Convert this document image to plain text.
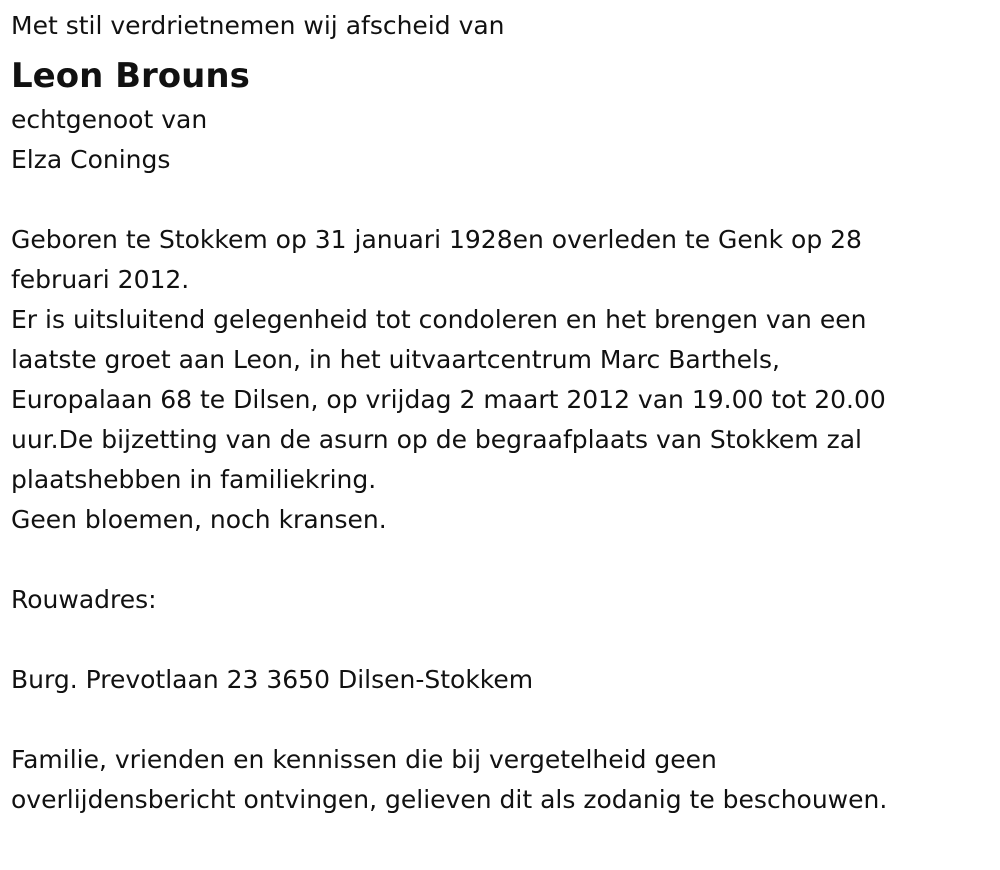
Met stil verdrietnemen wij afscheid van

Leon Brouns

echtgenoot van

Elza Conings

Geboren te Stokkem op 31 januari 1928en overleden te Genk op 28
februari 2012.

Er is uitsluitend gelegenheid tot condoleren en het brengen van een
laatste groet aan Leon, in het uitvaartcentrum Marc Barthels,
Europalaan 68 te Dilsen, op vrijdag 2 maart 2012 van 19.00 tot 20.00
uur.De bijzetting van de asurn op de begraafplaats van Stokkem zal
plaatshebben in familiekring.

Geen bloemen, noch kransen.

Rouwadres:

Burg. Prevotlaan 23 3650 Dilsen-Stokkem

Familie, vrienden en kennissen die bij vergetelheid geen
overlijdensbericht ontvingen, gelieven dit als zodanig te beschouwen.
